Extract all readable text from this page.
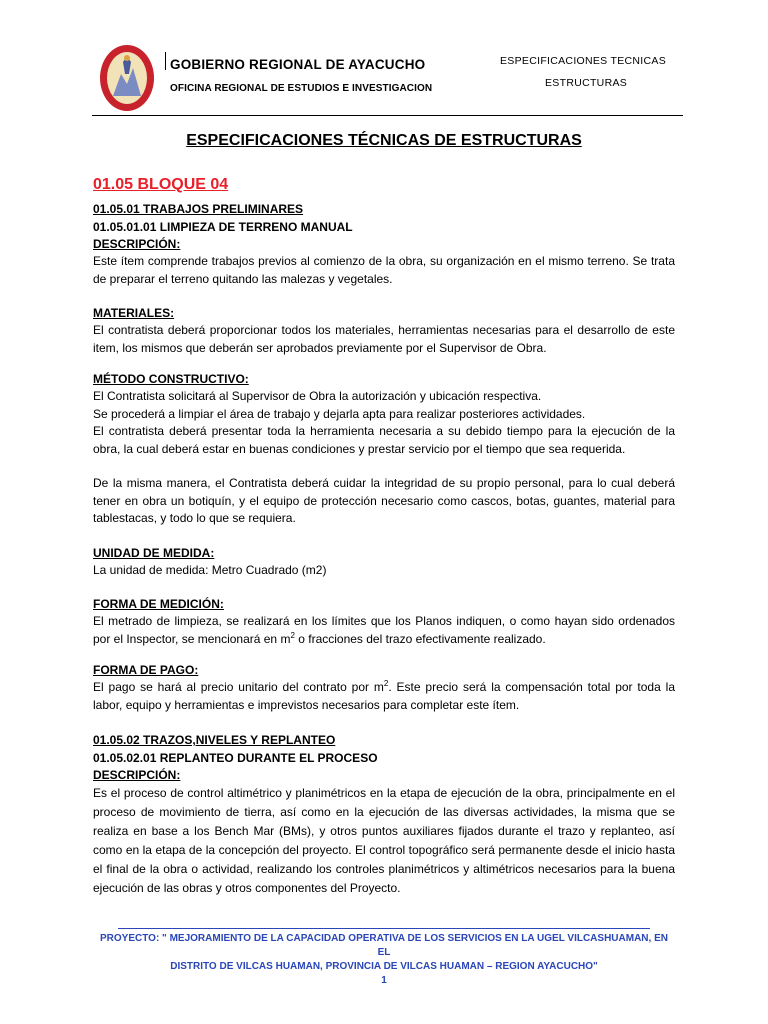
GOBIERNO REGIONAL DE AYACUCHO
OFICINA REGIONAL DE ESTUDIOS E INVESTIGACION
ESPECIFICACIONES TECNICAS
ESTRUCTURAS
ESPECIFICACIONES TÉCNICAS DE ESTRUCTURAS
01.05 BLOQUE 04
01.05.01 TRABAJOS PRELIMINARES
01.05.01.01 LIMPIEZA DE TERRENO MANUAL
DESCRIPCIÓN:

Este ítem comprende trabajos previos al comienzo de la obra, su organización en el mismo terreno. Se trata de preparar el terreno quitando las malezas y vegetales.

MATERIALES:

El contratista deberá proporcionar todos los materiales, herramientas necesarias para el desarrollo de este item, los mismos que deberán ser aprobados previamente por el Supervisor de Obra.

MÉTODO CONSTRUCTIVO:

El Contratista solicitará al Supervisor de Obra la autorización y ubicación respectiva.

Se procederá a limpiar el área de trabajo y dejarla apta para realizar posteriores actividades.

El contratista deberá presentar toda la herramienta necesaria a su debido tiempo para la ejecución de la obra, la cual deberá estar en buenas condiciones y prestar servicio por el tiempo que sea requerida.

De la misma manera, el Contratista deberá cuidar la integridad de su propio personal, para lo cual deberá tener en obra un botiquín, y el equipo de protección necesario como cascos, botas, guantes, material para tablestacas, y todo lo que se requiera.

UNIDAD DE MEDIDA:

La unidad de medida: Metro Cuadrado (m2)

FORMA DE MEDICIÓN:

El metrado de limpieza, se realizará en los límites que los Planos indiquen, o como hayan sido ordenados por el Inspector, se mencionará en $m^2$ o fracciones del trazo efectivamente realizado.

FORMA DE PAGO:

El pago se hará al precio unitario del contrato por $m^2$. Este precio será la compensación total por toda la labor, equipo y herramientas e imprevistos necesarios para completar este ítem.

01.05.02 TRAZOS,NIVELES Y REPLANTEO
01.05.02.01 REPLANTEO DURANTE EL PROCESO
DESCRIPCIÓN:

Es el proceso de control altimétrico y planimétricos en la etapa de ejecución de la obra, principalmente en el proceso de movimiento de tierra, así como en la ejecución de las diversas actividades, la misma que se realiza en base a los Bench Mar (BMs), y otros puntos auxiliares fijados durante el trazo y replanteo, así como en la etapa de la concepción del proyecto. El control topográfico será permanente desde el inicio hasta el final de la obra o actividad, realizando los controles planimétricos y altimétricos necesarios para la buena ejecución de las obras y otros componentes del Proyecto.

PROYECTO: " MEJORAMIENTO DE LA CAPACIDAD OPERATIVA DE LOS SERVICIOS EN LA UGEL VILCASHUAMAN, EN EL
DISTRITO DE VILCAS HUAMAN, PROVINCIA DE VILCAS HUAMAN – REGION AYACUCHO"
1
